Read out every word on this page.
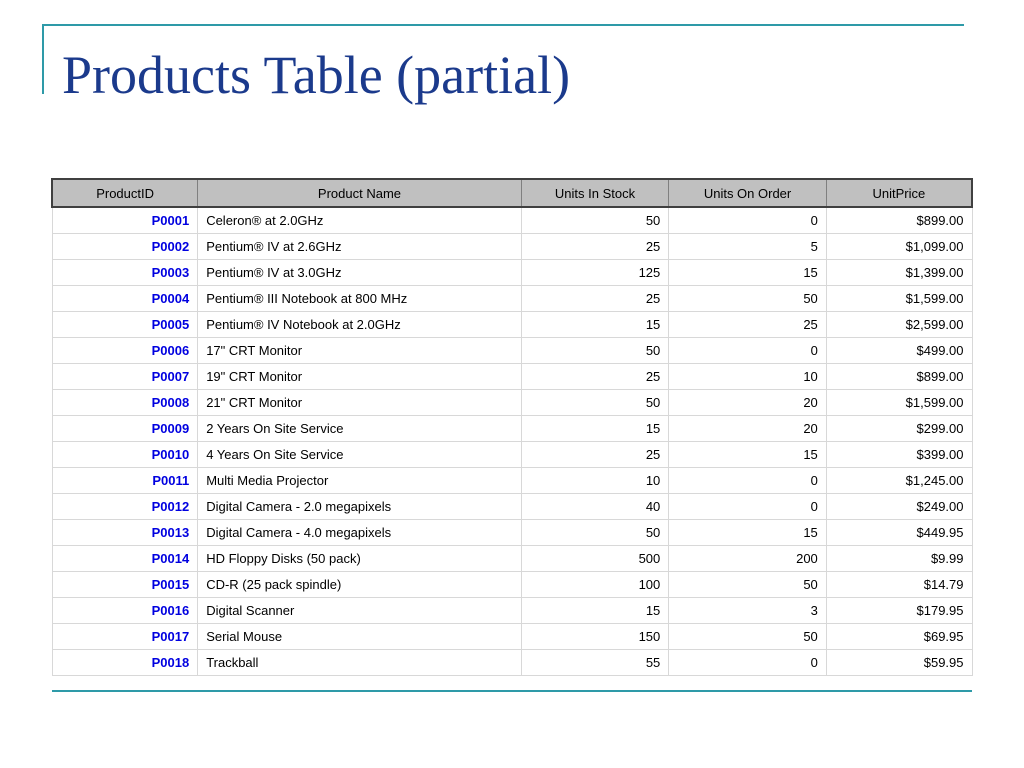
Products Table (partial)
ProductID	Product Name	Units In Stock	Units On Order	UnitPrice
P0001	Celeron® at 2.0GHz	50	0	$899.00
P0002	Pentium® IV at 2.6GHz	25	5	$1,099.00
P0003	Pentium® IV at 3.0GHz	125	15	$1,399.00
P0004	Pentium® III Notebook at 800 MHz	25	50	$1,599.00
P0005	Pentium® IV Notebook at 2.0GHz	15	25	$2,599.00
P0006	17" CRT Monitor	50	0	$499.00
P0007	19" CRT Monitor	25	10	$899.00
P0008	21" CRT Monitor	50	20	$1,599.00
P0009	2 Years On Site Service	15	20	$299.00
P0010	4 Years On Site Service	25	15	$399.00
P0011	Multi Media Projector	10	0	$1,245.00
P0012	Digital Camera - 2.0 megapixels	40	0	$249.00
P0013	Digital Camera - 4.0 megapixels	50	15	$449.95
P0014	HD Floppy Disks (50 pack)	500	200	$9.99
P0015	CD-R (25 pack spindle)	100	50	$14.79
P0016	Digital Scanner	15	3	$179.95
P0017	Serial Mouse	150	50	$69.95
P0018	Trackball	55	0	$59.95
